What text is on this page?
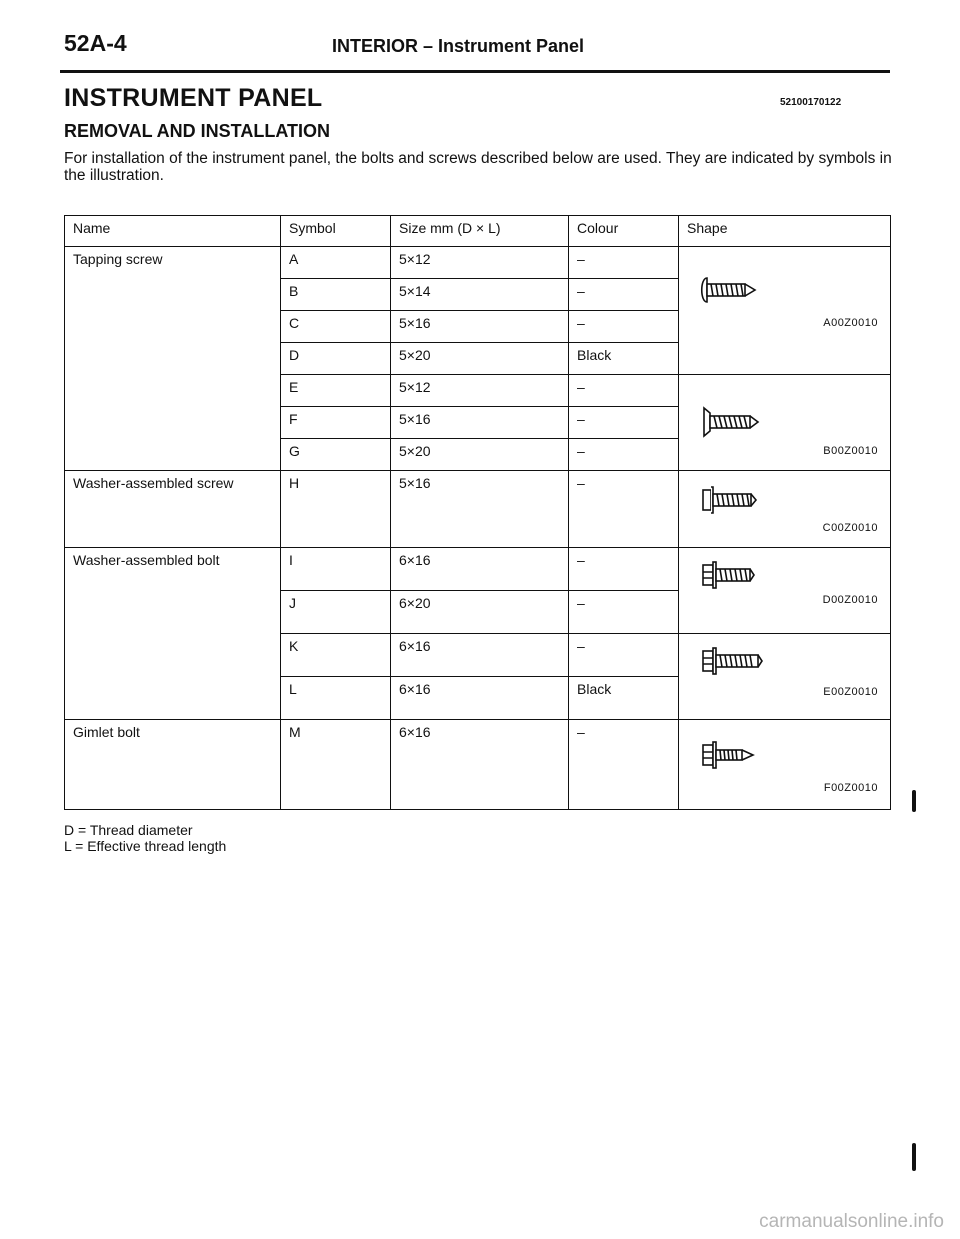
52A-4	INTERIOR – Instrument Panel
INSTRUMENT PANEL	52100170122
REMOVAL AND INSTALLATION
For installation of the instrument panel, the bolts and screws described below are used. They are indicated by symbols in the illustration.
Name	Symbol	Size mm (D × L)	Colour	Shape
Tapping screw	A	5×12	–	A00Z0010

	B	5×14	–	
	C	5×16	–	
	D	5×20	Black	
	E	5×12	–	B00Z0010

	F	5×16	–	
	G	5×20	–	
Washer-assembled screw	H	5×16	–	C00Z0010

Washer-assembled bolt	I	6×16	–	D00Z0010

	J	6×20	–	
	K	6×16	–	E00Z0010

	L	6×16	Black	
Gimlet bolt	M	6×16	–	F00Z0010
D = Thread diameter
L = Effective thread length
carmanualsonline.info
